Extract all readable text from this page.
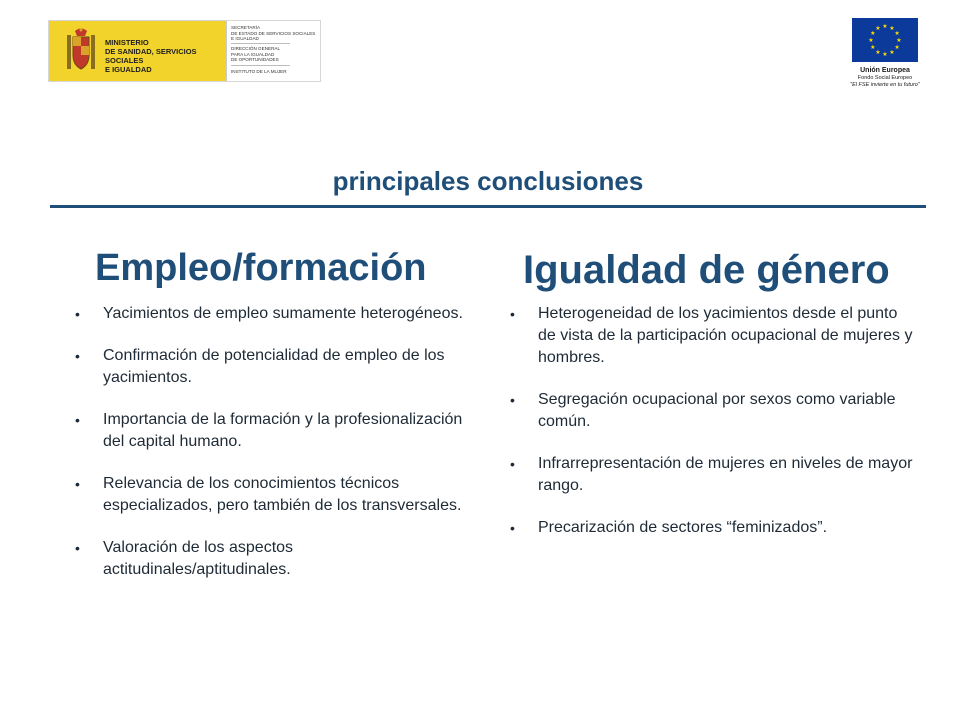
MINISTERIO
DE SANIDAD, SERVICIOS SOCIALES
E IGUALDAD
SECRETARÍA
DE ESTADO DE SERVICIOS SOCIALES
E IGUALDAD
DIRECCIÓN GENERAL
PARA LA IGUALDAD
DE OPORTUNIDADES
INSTITUTO DE LA MUJER
★ ★
★
★
★
★
★
★
★
★
★
★
Unión Europea
Fondo Social Europeo
"El FSE invierte en tu futuro"
principales conclusiones
Empleo/formación
• Yacimientos de empleo sumamente heterogéneos.
• Confirmación de potencialidad de empleo de los yacimientos.
• Importancia de la formación y la profesionalización del capital humano.
• Relevancia de los conocimientos técnicos especializados, pero también de los transversales.
• Valoración de los aspectos actitudinales/aptitudinales.
Igualdad de género
• Heterogeneidad de los yacimientos desde el punto de vista de la participación ocupacional de mujeres y hombres.
• Segregación ocupacional por sexos como variable común.
• Infrarrepresentación de mujeres en niveles de mayor rango.
• Precarización de sectores “feminizados”.
